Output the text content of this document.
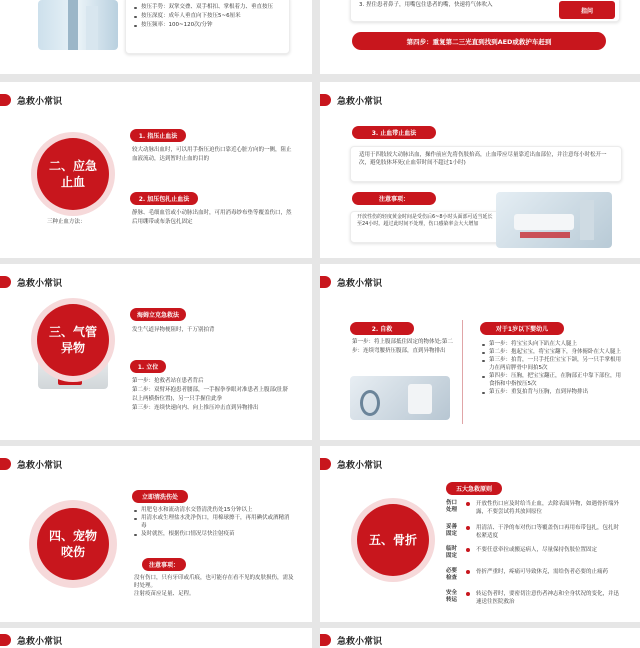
按压手势：双掌交叠、双手相扣、掌根着力、垂直按压
按压深度：成年人垂直向下按压5~6厘米
按压频率：100~120次/分钟
3. 捏住患者鼻子，用嘴包住患者的嘴，快速将气体吹入
指问
第四步：重复第二三光直到找到AED或救护车赶到
急救小常识
二、应急
止血
三种止血方法：
1. 指压止血法
较大动脉出血时，可以用手指压迫伤口靠近心脏方向的一侧，阻止血液流动，达到暂时止血的目的
2. 加压包扎止血法
静脉、毛细血管或小动脉出血时，可用消毒纱布垫等覆盖伤口，然后用绷带或布条包扎固定
急救小常识
3. 止血带止血法
适用于四肢较大动脉出血，操作前应先将伤肢抬高，止血带应尽量靠近出血部位，并注意每小时松开一次，避免肢体坏死(止血带时间不超过1小时)
注意事项：
开放性伤的轻度黄金时间是受伤后6~8小时头面部可适当延长至24小时。超过此时间不处理，伤口感染率会大大增加
急救小常识
三、气管
异物
海姆立克急救法
发生气道异物梗阻时，千万别拍背
1. 立位
第一步：抢救者站在患者背后
第二步：双臂环抱患者腰部，一手握拳拳眼对准患者上腹部(肚脐以上两横指位置)，另一只手握住此拳
第三步：连续快速向内、向上推压冲击直到异物排出
急救小常识
2. 自救
第一步：将上腹部抵住固定的物体处;第二步：连续弯腰挤压腹部，直到异物排出
对于1岁以下婴幼儿
第一步：将宝宝头向下趴在大人腿上
第二步：抱起宝宝，将宝宝翻下，身体俯卧在大人腿上
第三步：拍背，一只手托住宝宝下颌，另一只手掌根用力在两肩胛骨中间拍5次
第四步：压胸，把宝宝翻正，在胸部正中靠下部位，用食指和中指按压5次
第五步：重复拍背与压胸，直到异物排出
急救小常识
四、宠物
咬伤
立即清洗伤处
用肥皂水和流动清水交替清洗伤处15分钟以上
用清水或生理盐水洗净伤口，用棉球擦干，再用碘伏或酒精消毒
及时就医，根据伤口情况尽快注射疫苗
注意事项：
没有伤口，只有牙印或爪痕，也可能存在看不见的皮肤损伤，需及时处理。
注射疫苗应足量、足程。
急救小常识
五、骨折
五大急救原则
伤口处理
开放性伤口应及时给当止血，去除表面异物，如遇骨折端外露，不要尝试将其放回原位
妥善固定
用清洁、干净的布对伤口等覆盖伤口再用布带包扎，包扎时松紧适度
临时固定
不要任意牵拉或搬运病人，尽量保持伤肢位置固定
必要检查
骨折严重时，疼痛可导致休克，需给伤者必要的止痛药
安全转运
转运伤者时，要密切注意伤者神志和全身状况的变化，并迅速送往医院救治
急救小常识	急救小常识
